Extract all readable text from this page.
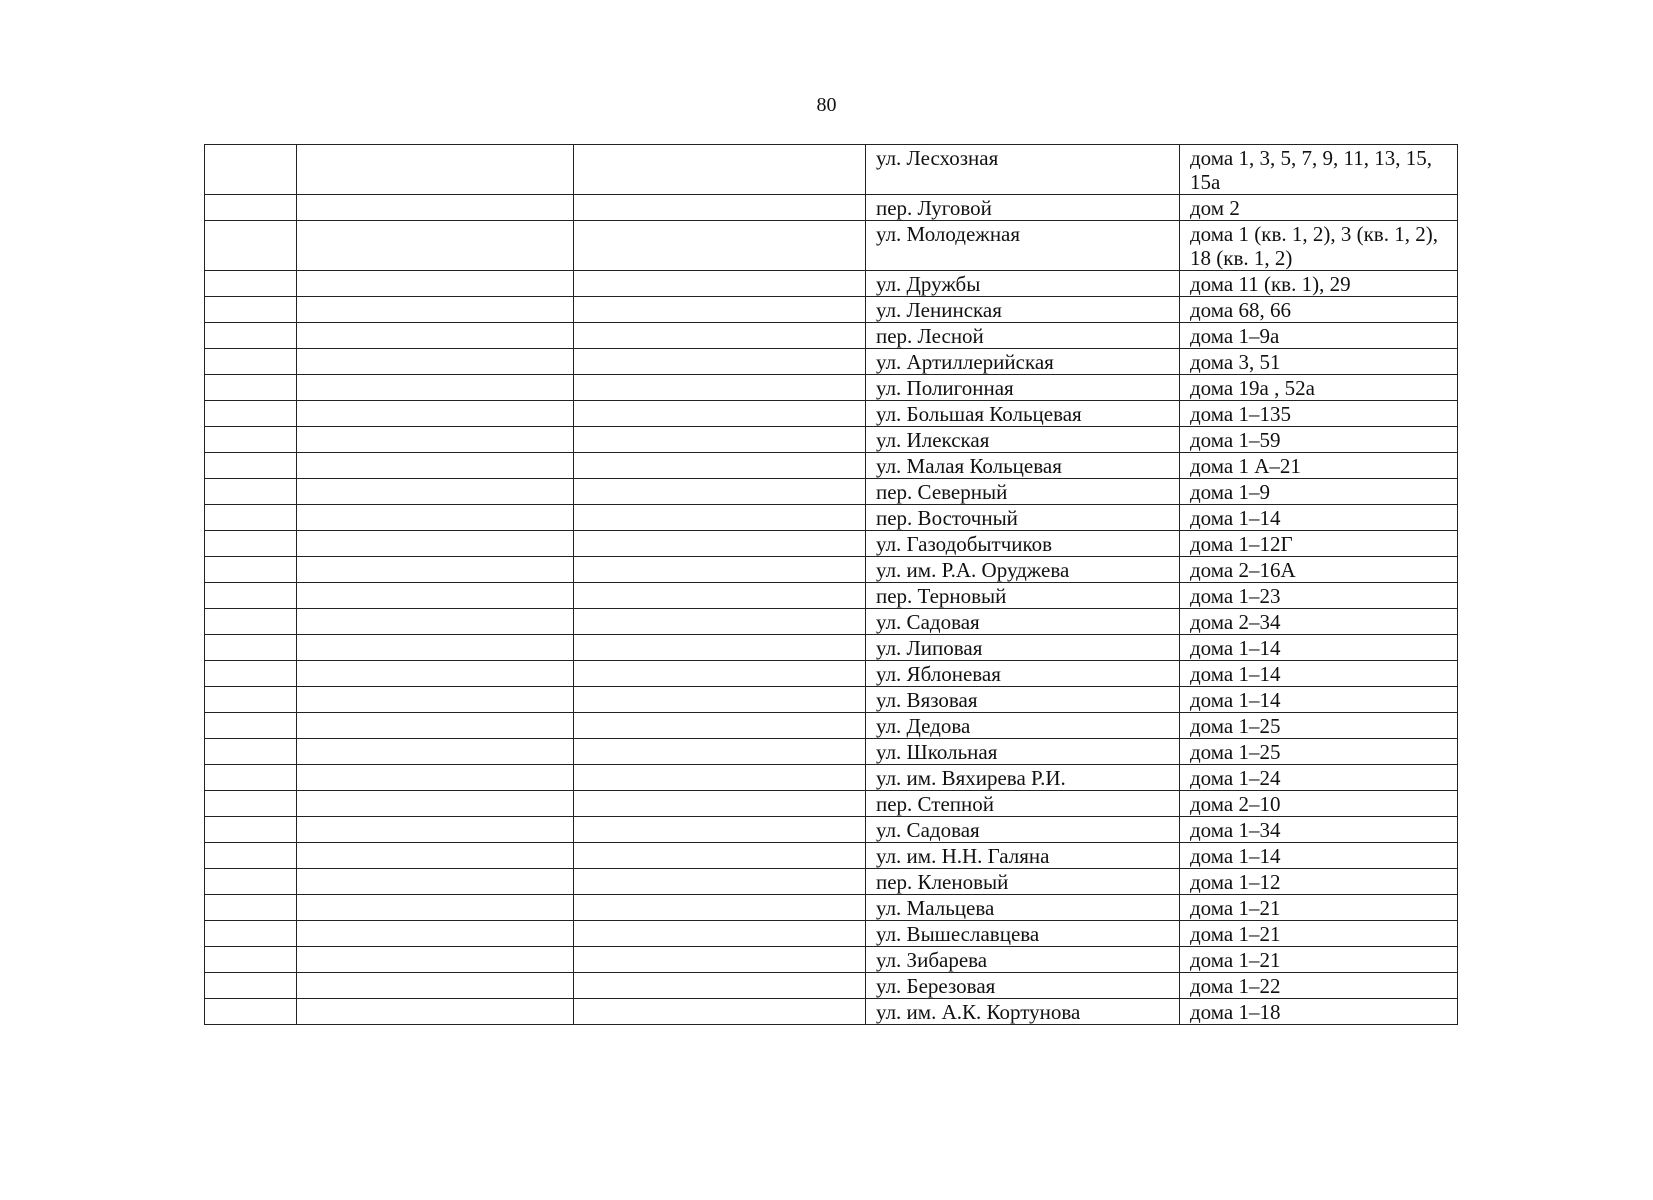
80
			ул. Лесхозная	дома 1, 3, 5, 7, 9, 11, 13, 15, 15а
			пер. Луговой	дом 2
			ул. Молодежная	дома 1 (кв. 1, 2), 3 (кв. 1, 2), 18 (кв. 1, 2)
			ул. Дружбы	дома 11 (кв. 1), 29
			ул. Ленинская	дома 68, 66
			пер. Лесной	дома 1–9а
			ул. Артиллерийская	дома 3, 51
			ул. Полигонная	дома 19а , 52а
			ул. Большая Кольцевая	дома 1–135
			ул. Илекская	дома 1–59
			ул. Малая Кольцевая	дома 1 А–21
			пер. Северный	дома 1–9
			пер. Восточный	дома 1–14
			ул. Газодобытчиков	дома 1–12Г
			ул. им. Р.А. Оруджева	дома 2–16А
			пер. Терновый	дома 1–23
			ул. Садовая	дома 2–34
			ул. Липовая	дома 1–14
			ул. Яблоневая	дома 1–14
			ул. Вязовая	дома 1–14
			ул. Дедова	дома 1–25
			ул. Школьная	дома 1–25
			ул. им. Вяхирева Р.И.	дома 1–24
			пер. Степной	дома 2–10
			ул. Садовая	дома 1–34
			ул. им. Н.Н. Галяна	дома 1–14
			пер. Кленовый	дома 1–12
			ул. Мальцева	дома 1–21
			ул. Вышеславцева	дома 1–21
			ул. Зибарева	дома 1–21
			ул. Березовая	дома 1–22
			ул. им. А.К. Кортунова	дома 1–18
